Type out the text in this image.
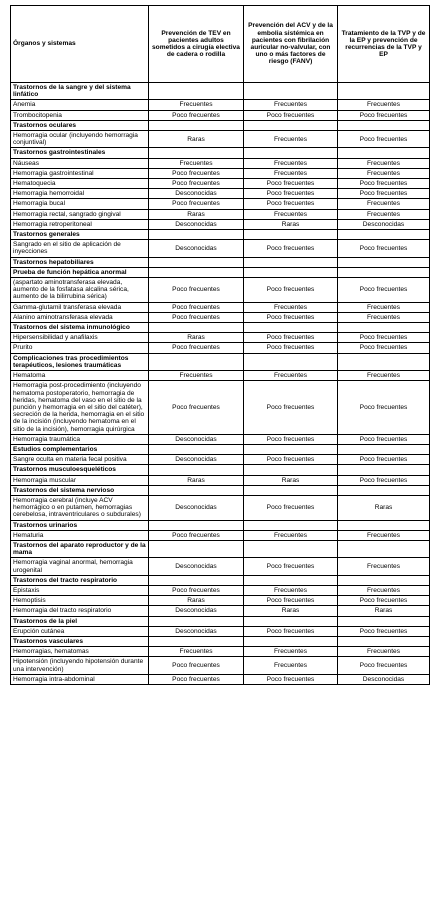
Órganos y sistemas	Prevención de TEV en pacientes adultos sometidos a cirugía electiva de cadera o rodilla	Prevención del ACV y de la embolia sistémica en pacientes con fibrilación auricular no-valvular, con uno o más factores de riesgo (FANV)	Tratamiento de la TVP y de la EP y prevención de recurrencias de la TVP y EP
Trastornos de la sangre y del sistema linfático			
Anemia	Frecuentes	Frecuentes	Frecuentes
Trombocitopenia	Poco frecuentes	Poco frecuentes	Poco frecuentes
Trastornos oculares			
Hemorragia ocular (incluyendo hemorragia conjuntival)	Raras	Frecuentes	Poco frecuentes
Trastornos gastrointestinales			
Náuseas	Frecuentes	Frecuentes	Frecuentes
Hemorragia gastrointestinal	Poco frecuentes	Frecuentes	Frecuentes
Hematoquecia	Poco frecuentes	Poco frecuentes	Poco frecuentes
Hemorragia hemorroidal	Desconocidas	Poco frecuentes	Poco frecuentes
Hemorragia bucal	Poco frecuentes	Poco frecuentes	Frecuentes
Hemorragia rectal, sangrado gingival	Raras	Frecuentes	Frecuentes
Hemorragia retroperitoneal	Desconocidas	Raras	Desconocidas
Trastornos generales			
Sangrado en el sitio de aplicación de inyecciones	Desconocidas	Poco frecuentes	Poco frecuentes
Trastornos hepatobiliares			
Prueba de función hepática anormal			
(aspartato aminotransferasa elevada, aumento de la fosfatasa alcalina sérica, aumento de la bilirrubina sérica)	Poco frecuentes	Poco frecuentes	Poco frecuentes
Gamma-glutamil transferasa elevada	Poco frecuentes	Frecuentes	Frecuentes
Alanino aminotransferasa elevada	Poco frecuentes	Poco frecuentes	Frecuentes
Trastornos del sistema inmunológico			
Hipersensibilidad y anafilaxis	Raras	Poco frecuentes	Poco frecuentes
Prurito	Poco frecuentes	Poco frecuentes	Poco frecuentes
Complicaciones tras procedimientos terapéuticos, lesiones traumáticas			
Hematoma	Frecuentes	Frecuentes	Frecuentes
Hemorragia post-procedimiento (incluyendo hematoma postoperatorio, hemorragia de heridas, hematoma del vaso en el sitio de la punción y hemorragia en el sitio del catéter), secreción de la herida, hemorragia en el sitio de la incisión (incluyendo hematoma en el sitio de la incisión), hemorragia quirúrgica	Poco frecuentes	Poco frecuentes	Poco frecuentes
Hemorragia traumática	Desconocidas	Poco frecuentes	Poco frecuentes
Estudios complementarios			
Sangre oculta en materia fecal positiva	Desconocidas	Poco frecuentes	Poco frecuentes
Trastornos musculoesqueléticos			
Hemorragia muscular	Raras	Raras	Poco frecuentes
Trastornos del sistema nervioso			
Hemorragia cerebral (incluye ACV hemorrágico o en putamen, hemorragias cerebelosa, intraventriculares o subdurales)	Desconocidas	Poco frecuentes	Raras
Trastornos urinarios			
Hematuria	Poco frecuentes	Frecuentes	Frecuentes
Trastornos del aparato reproductor y de la mama			
Hemorragia vaginal anormal, hemorragia urogenital	Desconocidas	Poco frecuentes	Frecuentes
Trastornos del tracto respiratorio			
Epistaxis	Poco frecuentes	Frecuentes	Frecuentes
Hemoptisis	Raras	Poco frecuentes	Poco frecuentes
Hemorragia del tracto respiratorio	Desconocidas	Raras	Raras
Trastornos de la piel			
Erupción cutánea	Desconocidas	Poco frecuentes	Poco frecuentes
Trastornos vasculares			
Hemorragias, hematomas	Frecuentes	Frecuentes	Frecuentes
Hipotensión (incluyendo hipotensión durante una intervención)	Poco frecuentes	Frecuentes	Poco frecuentes
Hemorragia intra-abdominal	Poco frecuentes	Poco frecuentes	Desconocidas
